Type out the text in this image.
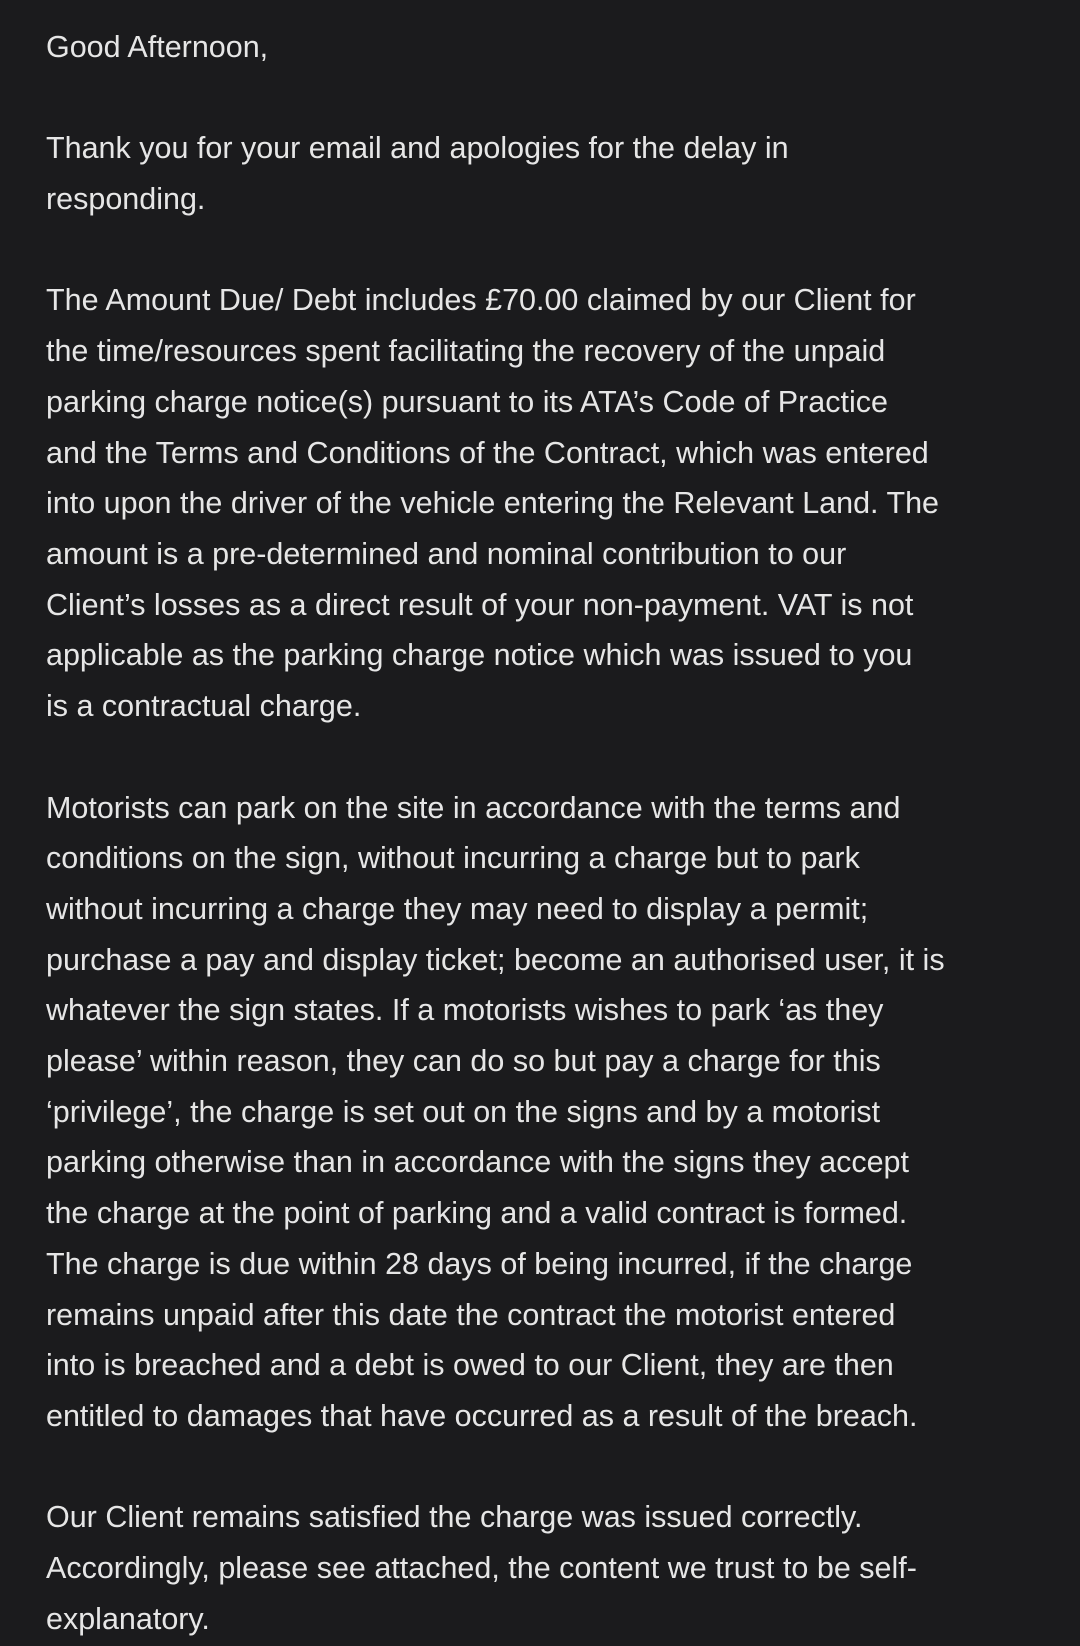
Good Afternoon,

Thank you for your email and apologies for the delay in
responding.

The Amount Due/ Debt includes £70.00 claimed by our Client for
the time/resources spent facilitating the recovery of the unpaid
parking charge notice(s) pursuant to its ATA’s Code of Practice
and the Terms and Conditions of the Contract, which was entered
into upon the driver of the vehicle entering the Relevant Land. The
amount is a pre-determined and nominal contribution to our
Client’s losses as a direct result of your non-payment. VAT is not
applicable as the parking charge notice which was issued to you
is a contractual charge.

Motorists can park on the site in accordance with the terms and
conditions on the sign, without incurring a charge but to park
without incurring a charge they may need to display a permit;
purchase a pay and display ticket; become an authorised user, it is
whatever the sign states. If a motorists wishes to park ‘as they
please’ within reason, they can do so but pay a charge for this
‘privilege’, the charge is set out on the signs and by a motorist
parking otherwise than in accordance with the signs they accept
the charge at the point of parking and a valid contract is formed.
The charge is due within 28 days of being incurred, if the charge
remains unpaid after this date the contract the motorist entered
into is breached and a debt is owed to our Client, they are then
entitled to damages that have occurred as a result of the breach.

Our Client remains satisfied the charge was issued correctly.
Accordingly, please see attached, the content we trust to be self-
explanatory.
